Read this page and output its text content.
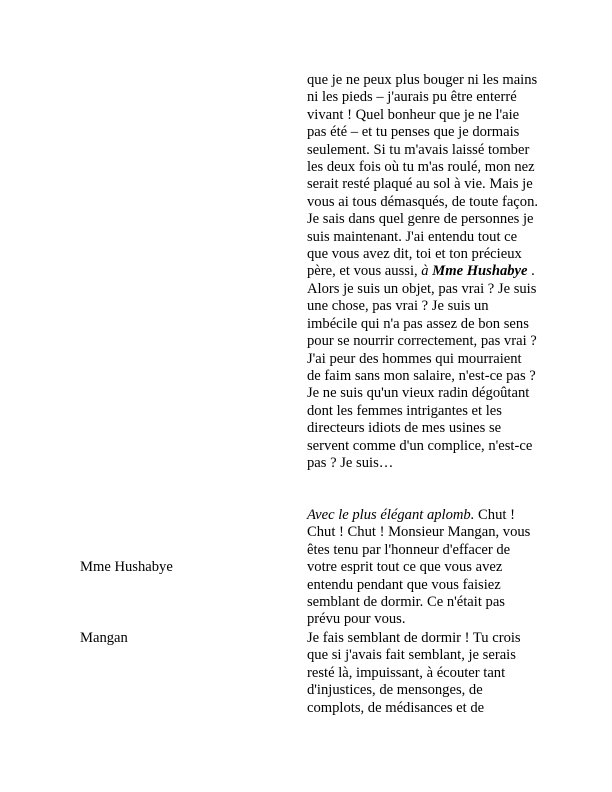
que je ne peux plus bouger ni les mains ni les pieds – j'aurais pu être enterré vivant ! Quel bonheur que je ne l'aie pas été – et tu penses que je dormais seulement. Si tu m'avais laissé tomber les deux fois où tu m'as roulé, mon nez serait resté plaqué au sol à vie. Mais je vous ai tous démasqués, de toute façon. Je sais dans quel genre de personnes je suis maintenant. J'ai entendu tout ce que vous avez dit, toi et ton précieux père, et vous aussi, à Mme Hushabye . Alors je suis un objet, pas vrai ? Je suis une chose, pas vrai ? Je suis un imbécile qui n'a pas assez de bon sens pour se nourrir correctement, pas vrai ? J'ai peur des hommes qui mourraient de faim sans mon salaire, n'est-ce pas ? Je ne suis qu'un vieux radin dégoûtant dont les femmes intrigantes et les directeurs idiots de mes usines se servent comme d'un complice, n'est-ce pas ? Je suis…

Mme Hushabye

Avec le plus élégant aplomb. Chut ! Chut ! Chut ! Monsieur Mangan, vous êtes tenu par l'honneur d'effacer de votre esprit tout ce que vous avez entendu pendant que vous faisiez semblant de dormir. Ce n'était pas prévu pour vous.

Mangan	Je fais semblant de dormir ! Tu crois que si j'avais fait semblant, je serais resté là, impuissant, à écouter tant d'injustices, de mensonges, de complots, de médisances et de
